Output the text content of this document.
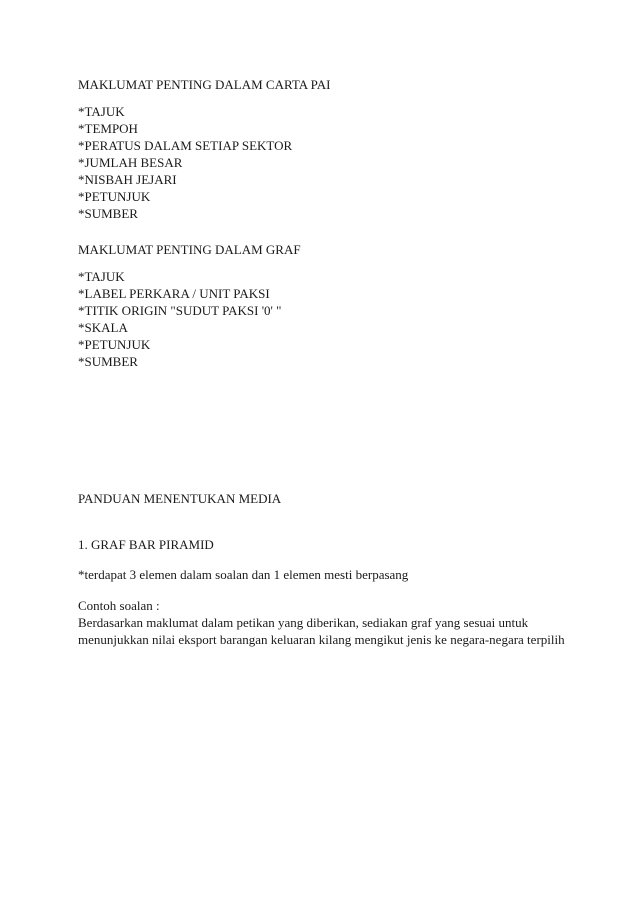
MAKLUMAT PENTING DALAM CARTA PAI
*TAJUK
*TEMPOH
*PERATUS DALAM SETIAP SEKTOR
*JUMLAH BESAR
*NISBAH JEJARI
*PETUNJUK
*SUMBER
MAKLUMAT PENTING DALAM GRAF
*TAJUK
*LABEL PERKARA / UNIT PAKSI
*TITIK ORIGIN "SUDUT PAKSI '0' "
*SKALA
*PETUNJUK
*SUMBER
PANDUAN MENENTUKAN MEDIA
1. GRAF BAR PIRAMID
*terdapat 3 elemen dalam soalan dan 1 elemen mesti berpasang
Contoh soalan :
Berdasarkan maklumat dalam petikan yang diberikan, sediakan graf yang sesuai untuk
menunjukkan nilai eksport barangan keluaran kilang mengikut jenis ke negara-negara terpilih
